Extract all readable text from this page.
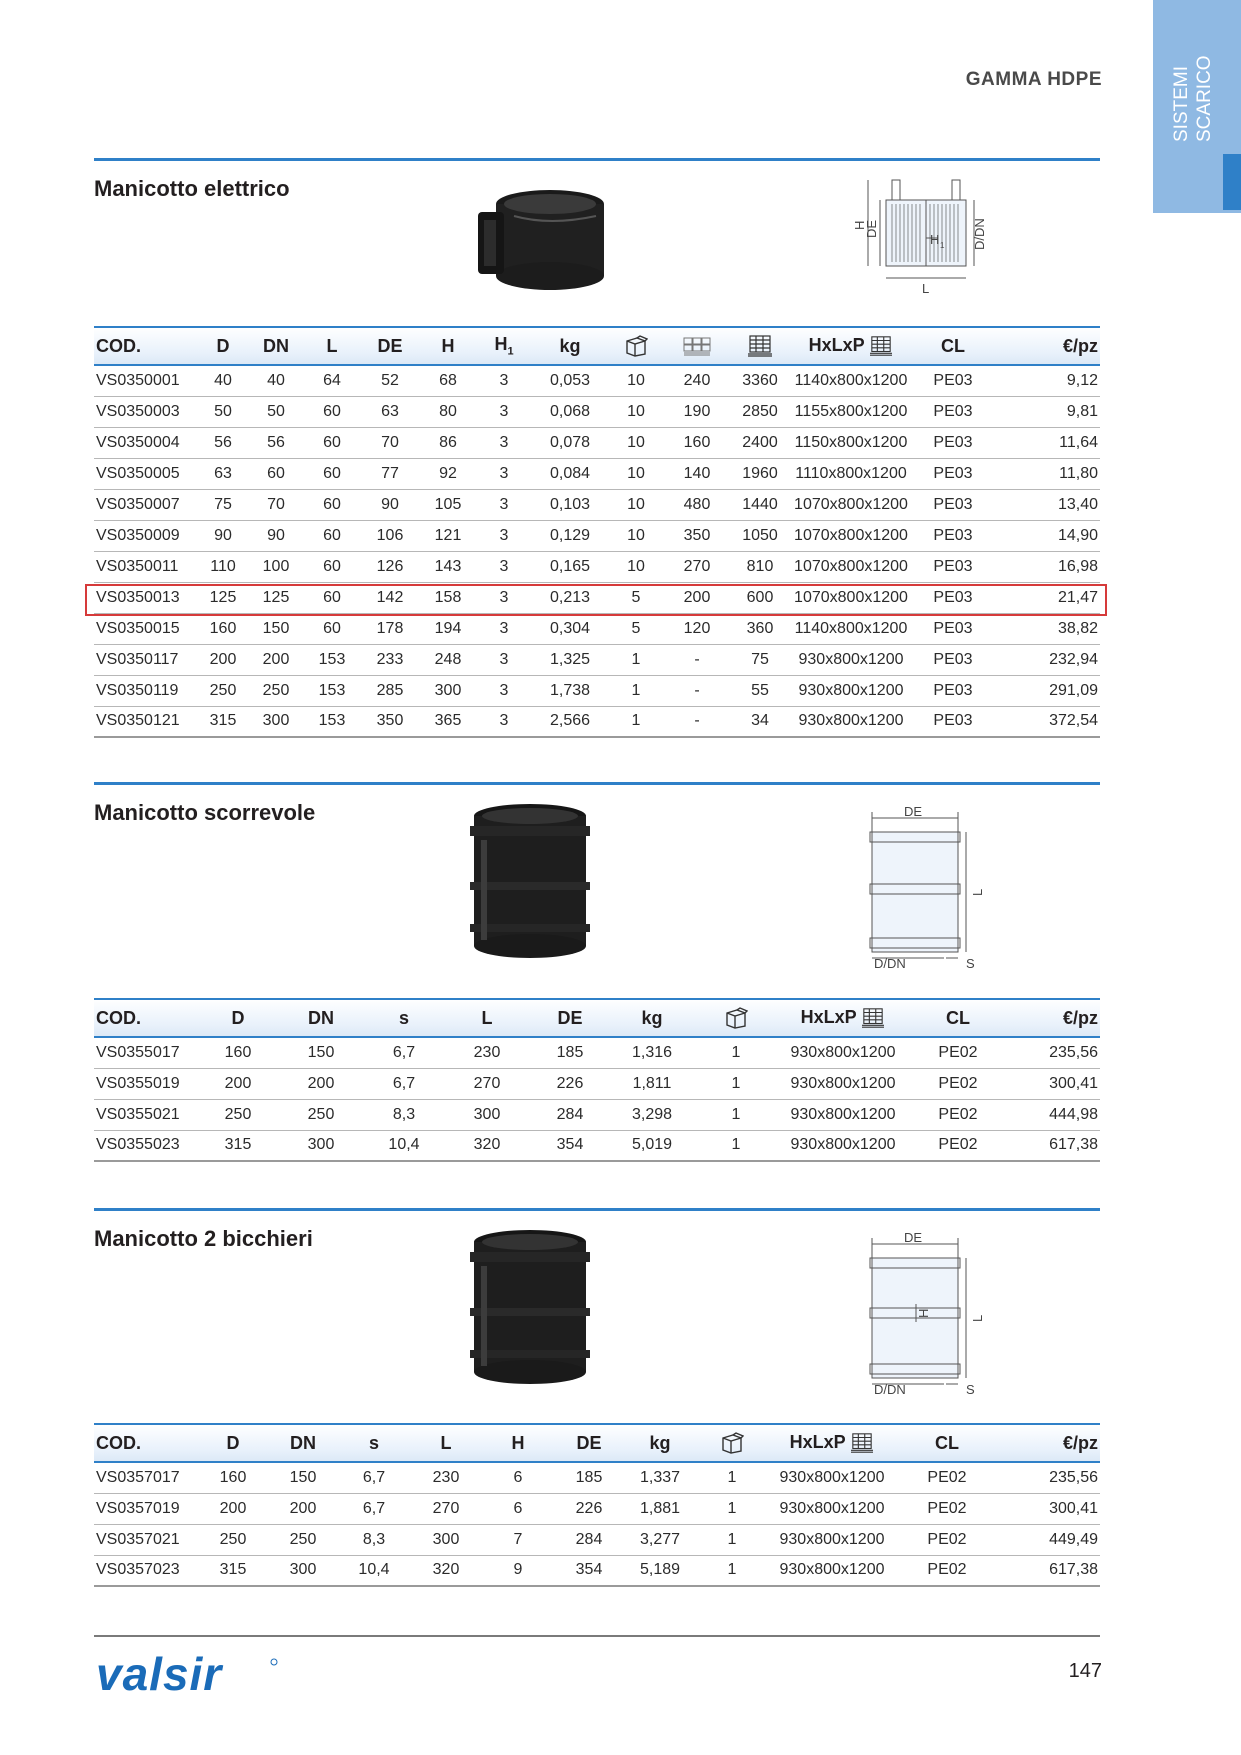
GAMMA HDPE	SISTEMI SCARICO
Manicotto elettrico
H
DE	D/DN
H 1
L
COD.	D	DN	L	DE	H	$H_1$	kg				HxLxP	CL	€/pz
VS0350001	40	40	64	52	68	3	0,053	10	240	3360	1140x800x1200	PE03	9,12
VS0350003	50	50	60	63	80	3	0,068	10	190	2850	1155x800x1200	PE03	9,81
VS0350004	56	56	60	70	86	3	0,078	10	160	2400	1150x800x1200	PE03	11,64
VS0350005	63	60	60	77	92	3	0,084	10	140	1960	1110x800x1200	PE03	11,80
VS0350007	75	70	60	90	105	3	0,103	10	480	1440	1070x800x1200	PE03	13,40
VS0350009	90	90	60	106	121	3	0,129	10	350	1050	1070x800x1200	PE03	14,90
VS0350011	110	100	60	126	143	3	0,165	10	270	810	1070x800x1200	PE03	16,98
VS0350013	125	125	60	142	158	3	0,213	5	200	600	1070x800x1200	PE03	21,47
VS0350015	160	150	60	178	194	3	0,304	5	120	360	1140x800x1200	PE03	38,82
VS0350117	200	200	153	233	248	3	1,325	1	-	75	930x800x1200	PE03	232,94
VS0350119	250	250	153	285	300	3	1,738	1	-	55	930x800x1200	PE03	291,09
VS0350121	315	300	153	350	365	3	2,566	1	-	34	930x800x1200	PE03	372,54
Manicotto scorrevole	DE
L
D/DN	S
COD.	D	DN	s	L	DE	kg		HxLxP	CL	€/pz
VS0355017	160	150	6,7	230	185	1,316	1	930x800x1200	PE02	235,56
VS0355019	200	200	6,7	270	226	1,811	1	930x800x1200	PE02	300,41
VS0355021	250	250	8,3	300	284	3,298	1	930x800x1200	PE02	444,98
VS0355023	315	300	10,4	320	354	5,019	1	930x800x1200	PE02	617,38
Manicotto 2 bicchieri	DE
H
L
D/DN	S
COD.	D	DN	s	L	H	DE	kg		HxLxP	CL	€/pz
VS0357017	160	150	6,7	230	6	185	1,337	1	930x800x1200	PE02	235,56
VS0357019	200	200	6,7	270	6	226	1,881	1	930x800x1200	PE02	300,41
VS0357021	250	250	8,3	300	7	284	3,277	1	930x800x1200	PE02	449,49
VS0357023	315	300	10,4	320	9	354	5,189	1	930x800x1200	PE02	617,38
valsir	147
